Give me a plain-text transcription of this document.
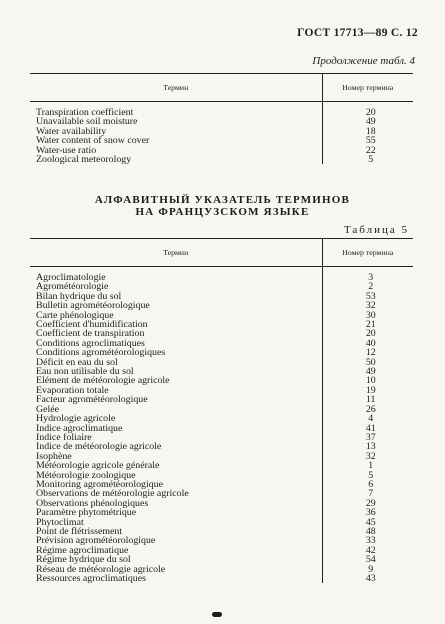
ГОСТ 17713—89 С. 12
Продолжение табл. 4
Термин	Номер термина

Transpiration coefficient	20
Unavailable soil moisture	49
Water availability	18
Water content of snow cover	55
Water-use ratio	22
Zoological meteorology	5
АЛФАВИТНЫЙ УКАЗАТЕЛЬ ТЕРМИНОВ
НА ФРАНЦУЗСКОМ ЯЗЫКЕ
Таблица 5
Термин	Номер термина

Agroclimatologie	3
Agrométéorologie	2
Bilan hydrique du sol	53
Bulletin agrométéorologique	32
Carte phénologique	30
Coefficient d'humidification	21
Coefficient de transpiration	20
Conditions agroclimatiques	40
Conditions agrométéorologiques	12
Déficit en eau du sol	50
Eau non utilisable du sol	49
Elément de météorologie agricole	10
Evaporation totale	19
Facteur agrométéorologique	11
Gelée	26
Hydrologie agricole	4
Indice agroclimatique	41
Indice foliaire	37
Indice de météorologie agricole	13
Isophène	32
Météorologie agricole générale	1
Météorologie zoologique	5
Monitoring agrométéorologique	6
Observations de météorologie agricole	7
Observations phénologiques	29
Paramètre phytométrique	36
Phytoclimat	45
Point de flétrissement	48
Prévision agrométéorologique	33
Régime agroclimatique	42
Régime hydrique du sol	54
Réseau de météorologie agricole	9
Ressources agroclimatiques	43
